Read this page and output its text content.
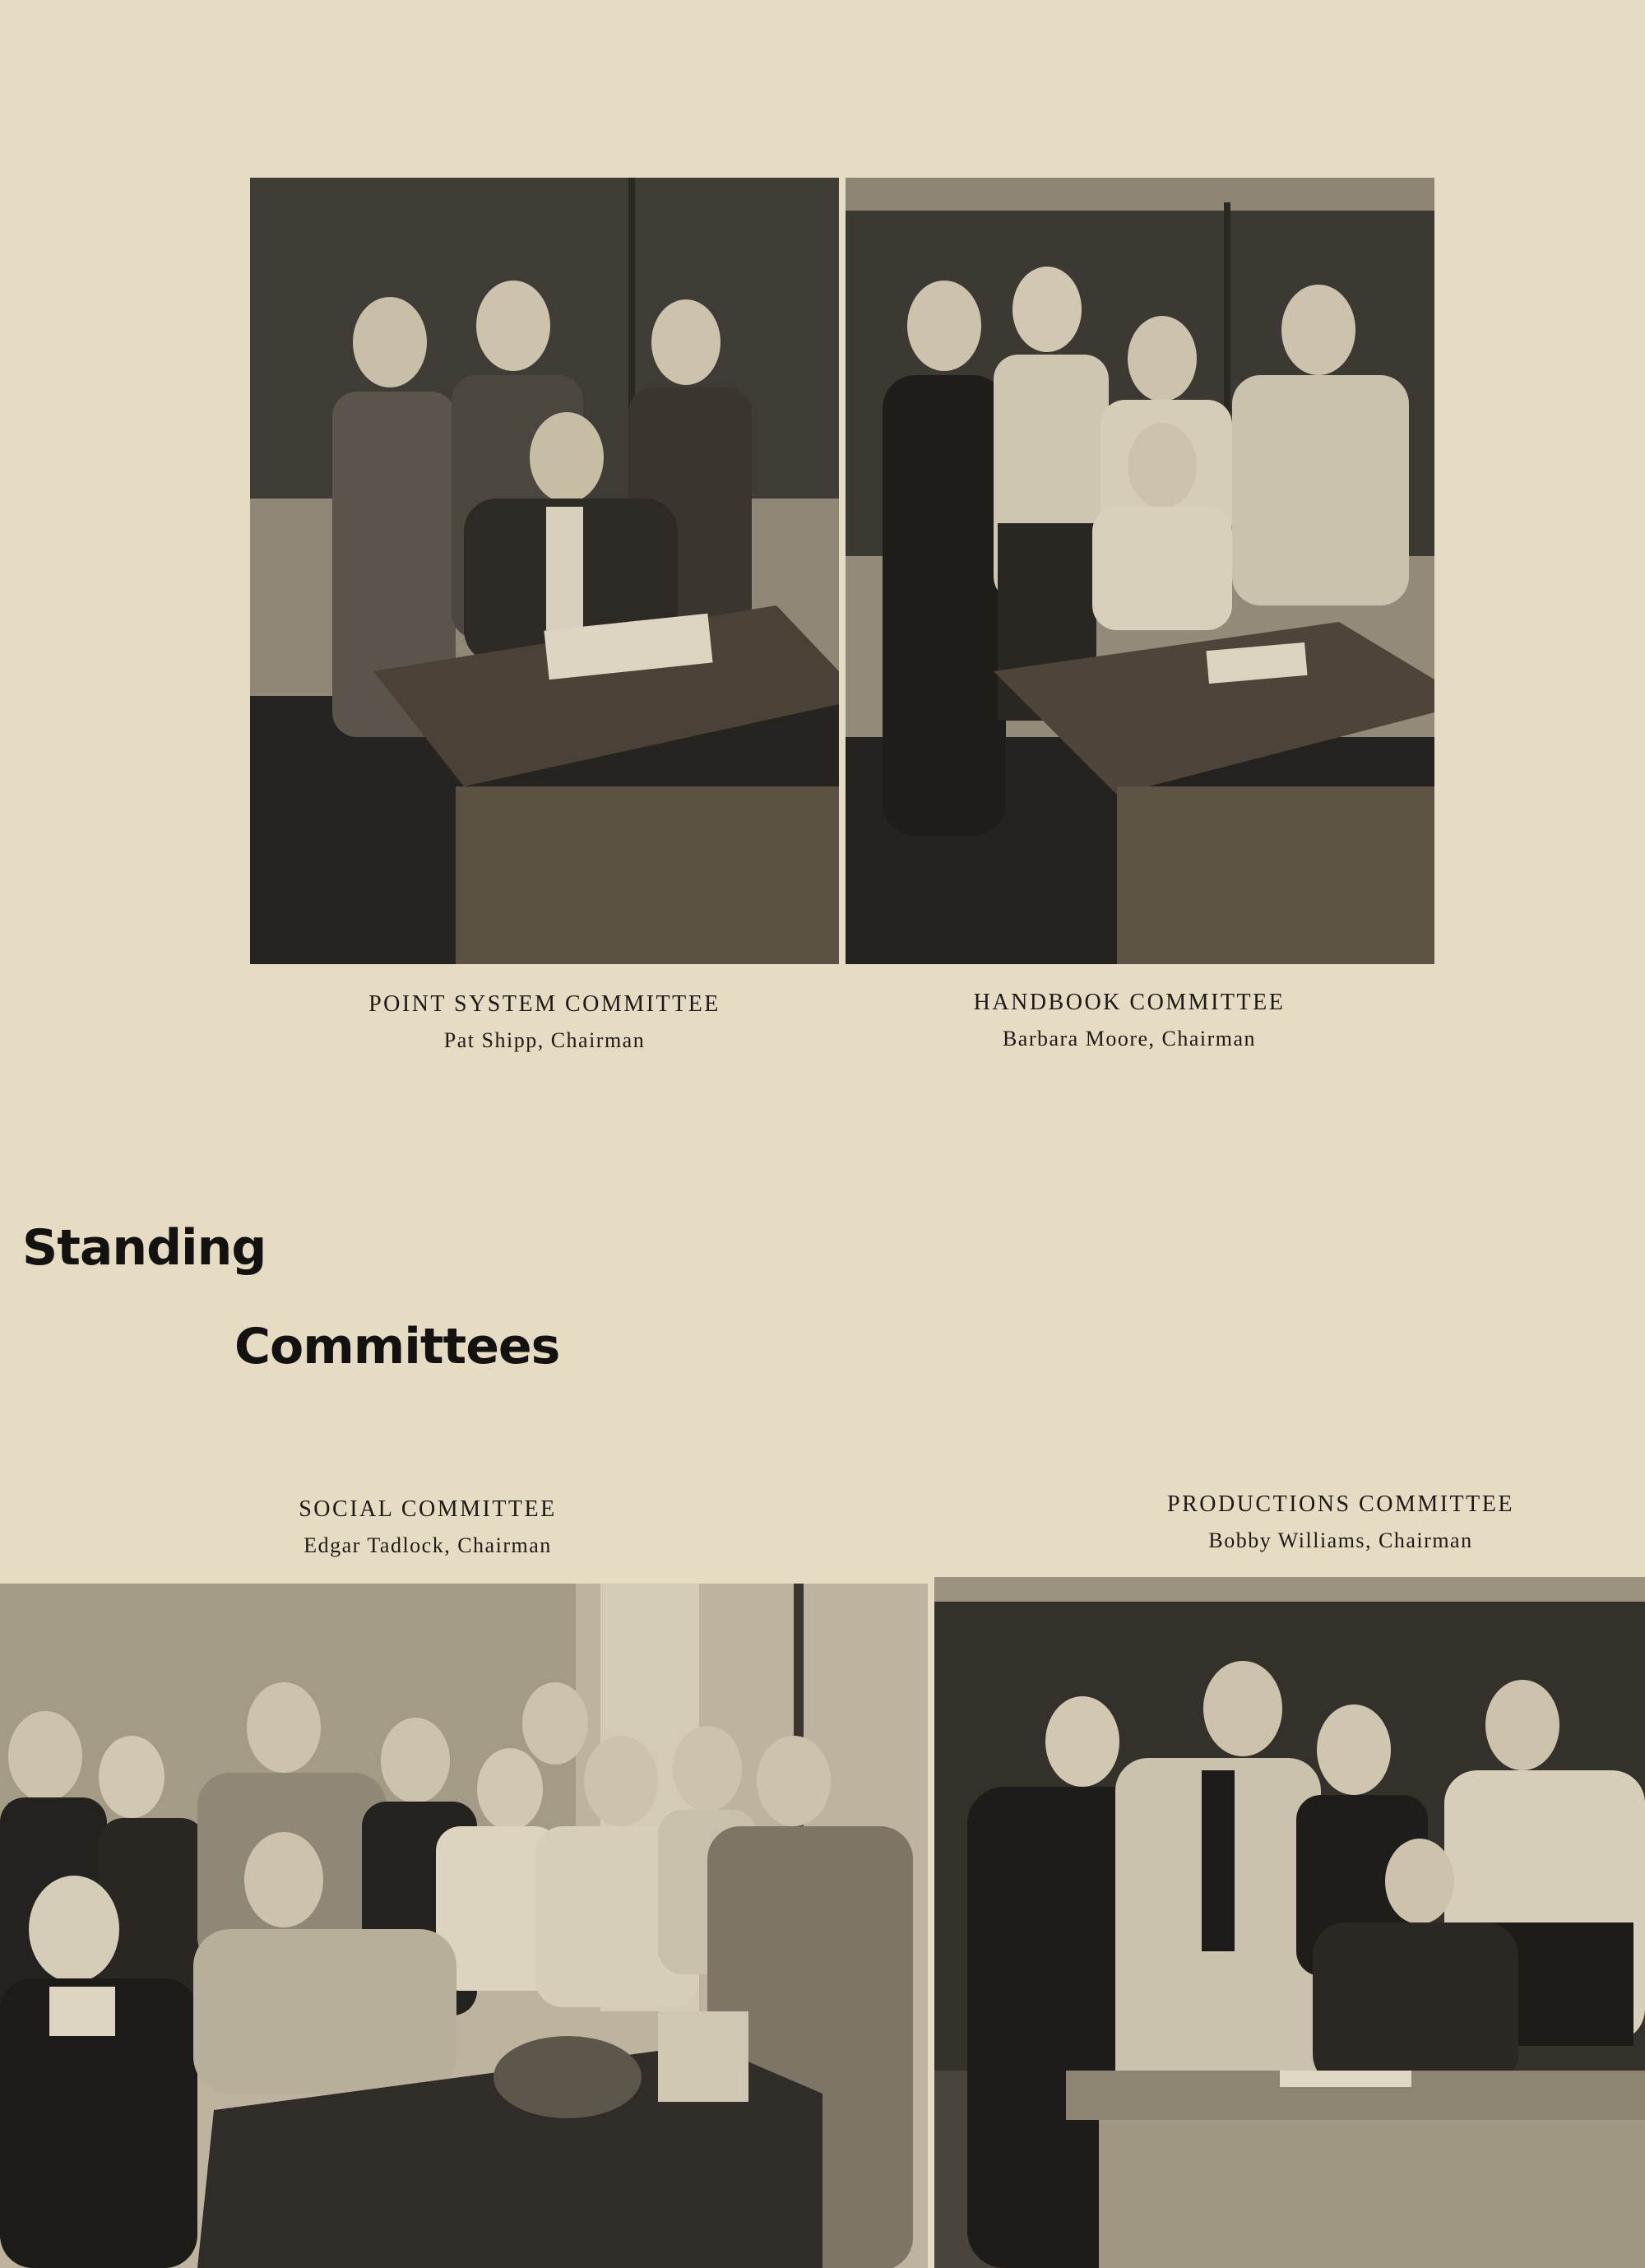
POINT SYSTEM COMMITTEE
Pat Shipp, Chairman
HANDBOOK COMMITTEE
Barbara Moore, Chairman
Standing
Committees
SOCIAL COMMITTEE
Edgar Tadlock, Chairman
PRODUCTIONS COMMITTEE
Bobby Williams, Chairman
